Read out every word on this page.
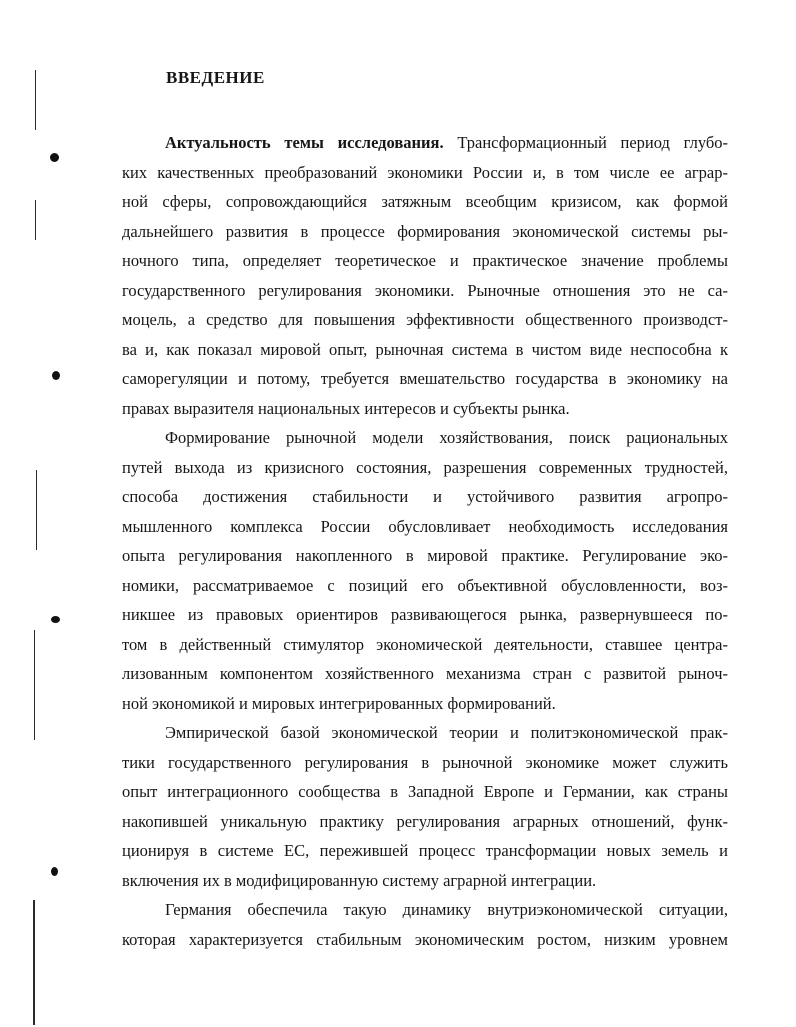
ВВЕДЕНИЕ
Актуальность темы исследования. Трансформационный период глубо-
ких качественных преобразований экономики России и, в том числе ее аграр-
ной сферы, сопровождающийся затяжным всеобщим кризисом, как формой
дальнейшего развития в процессе формирования экономической системы ры-
ночного типа, определяет теоретическое и практическое значение проблемы
государственного регулирования экономики. Рыночные отношения это не са-
моцель, а средство для повышения эффективности общественного производст-
ва и, как показал мировой опыт, рыночная система в чистом виде неспособна к
саморегуляции и потому, требуется вмешательство государства в экономику на
правах выразителя национальных интересов и субъекты рынка.
Формирование рыночной модели хозяйствования, поиск рациональных
путей выхода из кризисного состояния, разрешения современных трудностей,
способа достижения стабильности и устойчивого развития агропро-
мышленного комплекса России обусловливает необходимость исследования
опыта регулирования накопленного в мировой практике. Регулирование эко-
номики, рассматриваемое с позиций его объективной обусловленности, воз-
никшее из правовых ориентиров развивающегося рынка, развернувшееся по-
том в действенный стимулятор экономической деятельности, ставшее центра-
лизованным компонентом хозяйственного механизма стран с развитой рыноч-
ной экономикой и мировых интегрированных формирований.
Эмпирической базой экономической теории и политэкономической прак-
тики государственного регулирования в рыночной экономике может служить
опыт интеграционного сообщества в Западной Европе и Германии, как страны
накопившей уникальную практику регулирования аграрных отношений, функ-
ционируя в системе ЕС, пережившей процесс трансформации новых земель и
включения их в модифицированную систему аграрной интеграции.
Германия обеспечила такую динамику внутриэкономической ситуации,
которая характеризуется стабильным экономическим ростом, низким уровнем
